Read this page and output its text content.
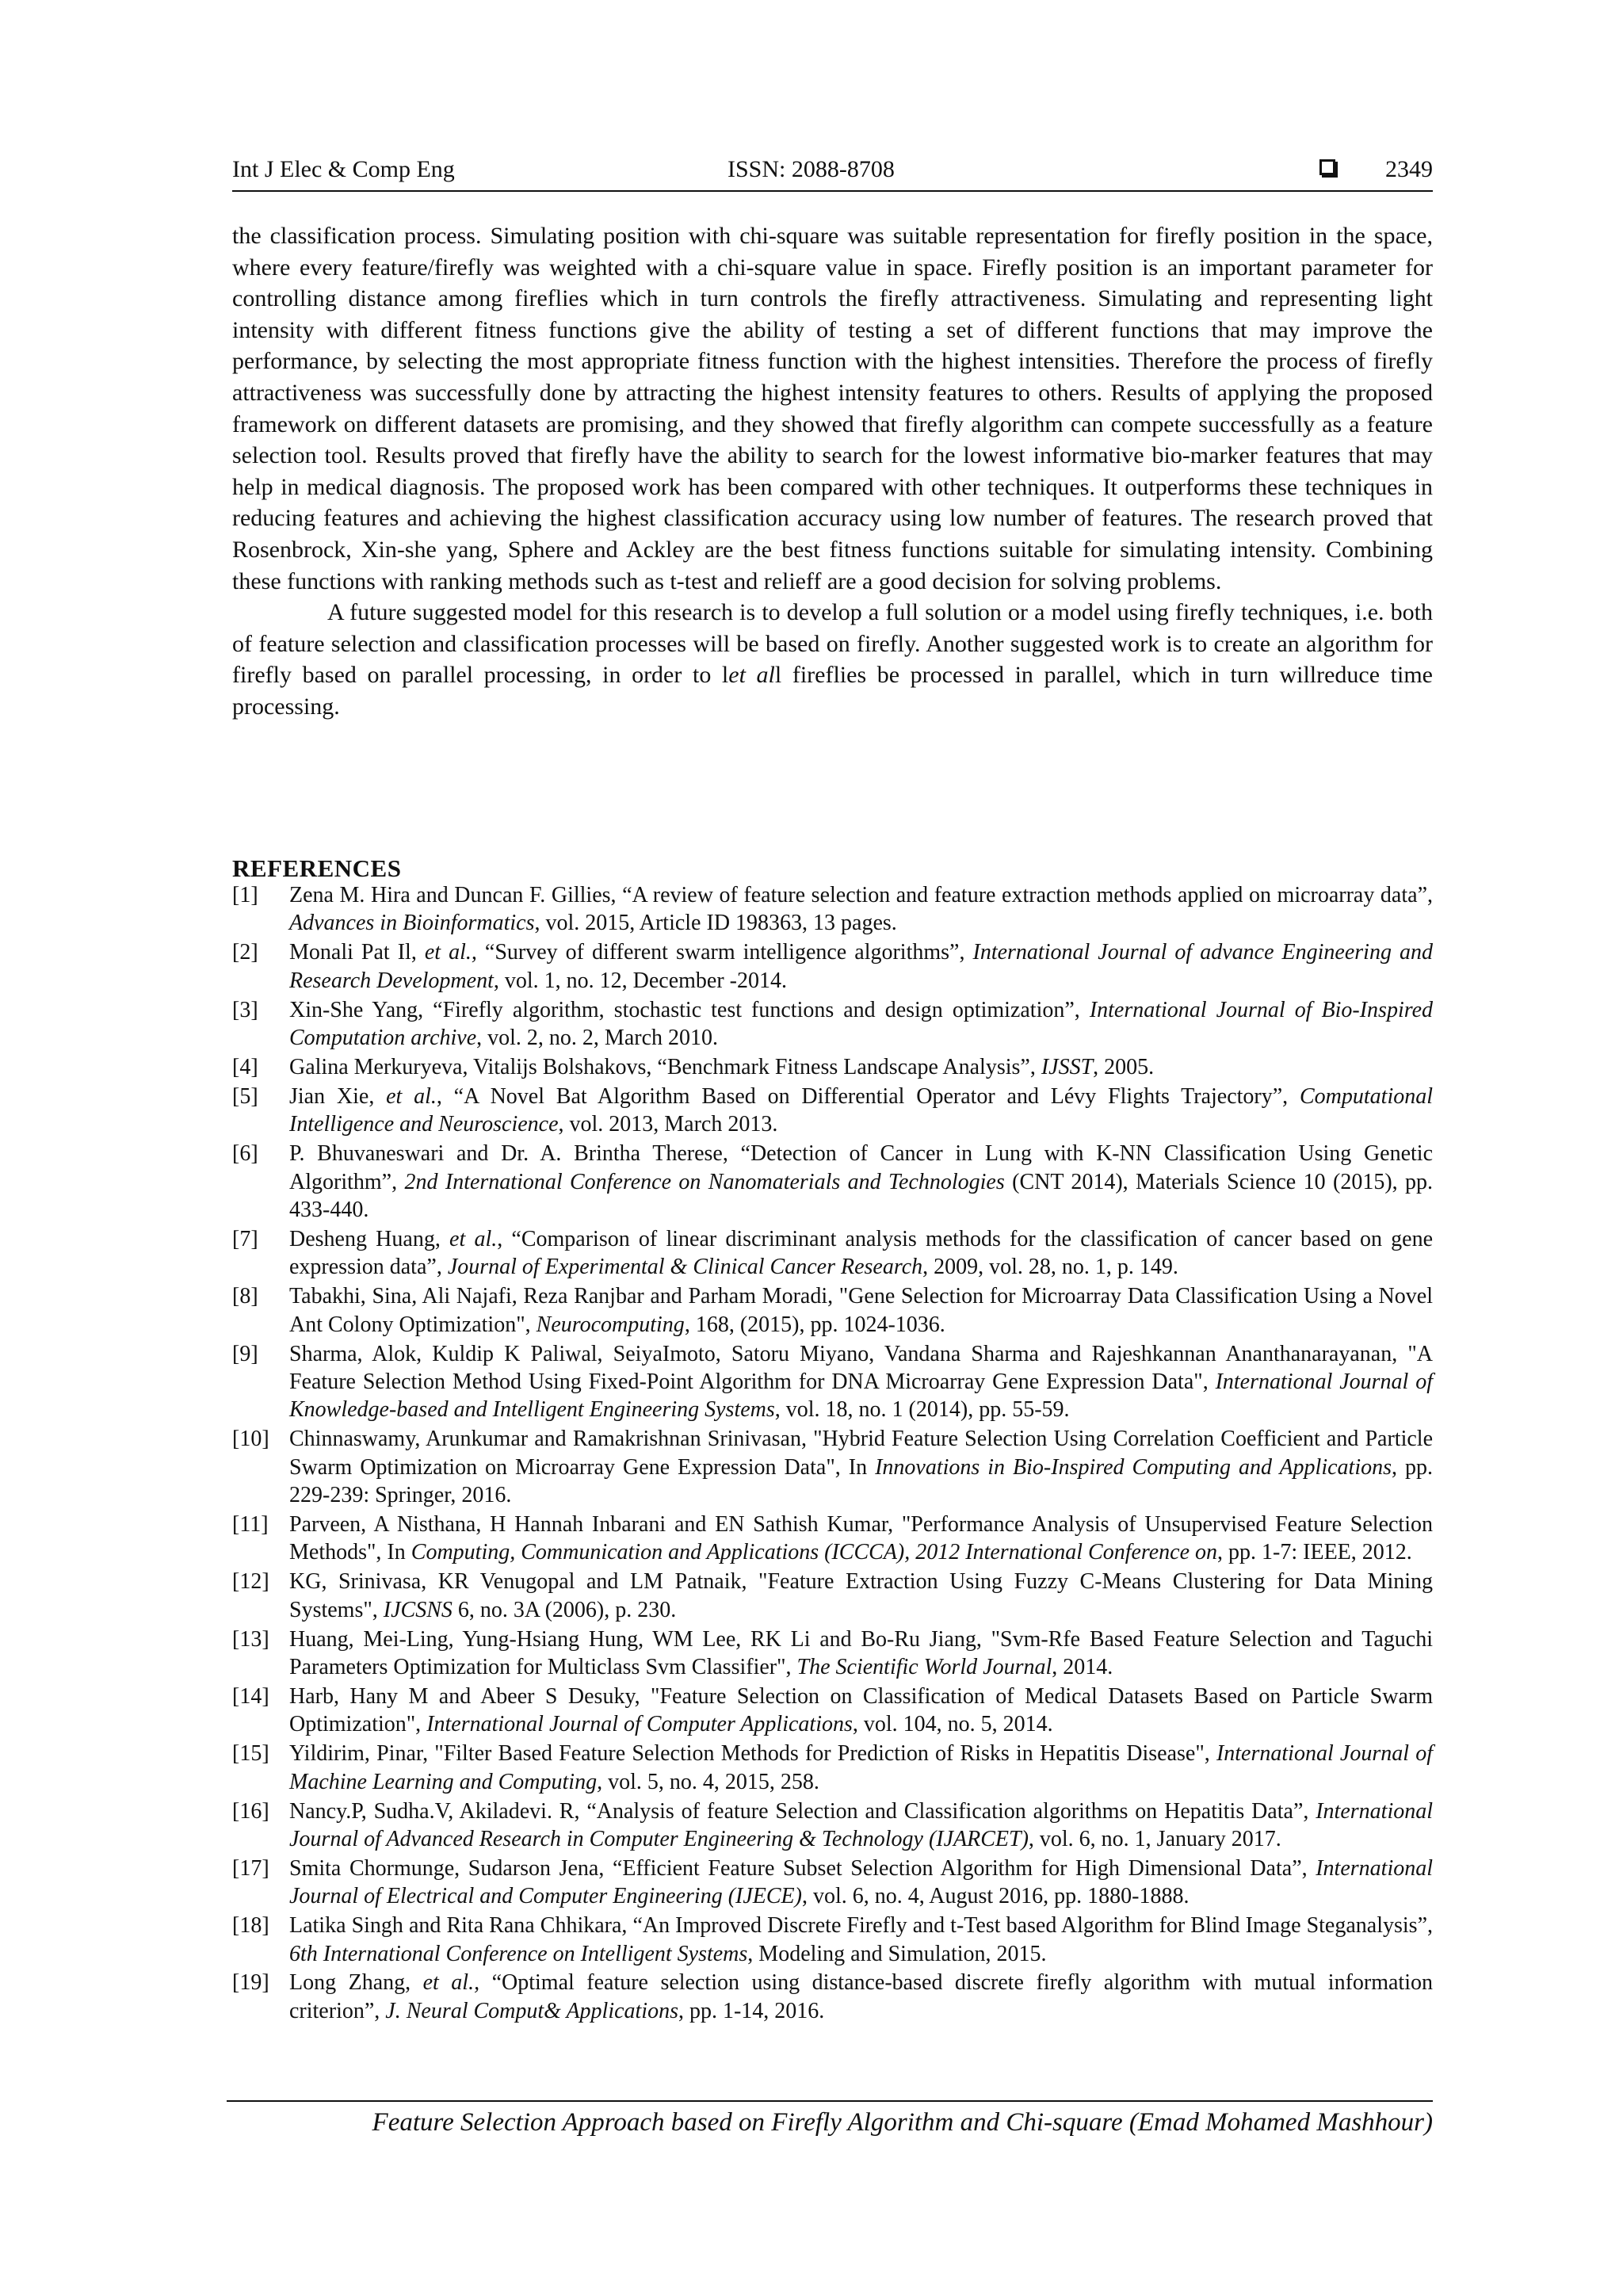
Int J Elec & Comp Eng	ISSN: 2088-8708	2349

the classification process. Simulating position with chi-square was suitable representation for firefly position in the space, where every feature/firefly was weighted with a chi-square value in space. Firefly position is an important parameter for controlling distance among fireflies which in turn controls the firefly attractiveness. Simulating and representing light intensity with different fitness functions give the ability of testing a set of different functions that may improve the performance, by selecting the most appropriate fitness function with the highest intensities. Therefore the process of firefly attractiveness was successfully done by attracting the highest intensity features to others. Results of applying the proposed framework on different datasets are promising, and they showed that firefly algorithm can compete successfully as a feature selection tool. Results proved that firefly have the ability to search for the lowest informative bio-marker features that may help in medical diagnosis. The proposed work has been compared with other techniques. It outperforms these techniques in reducing features and achieving the highest classification accuracy using low number of features. The research proved that Rosenbrock, Xin-she yang, Sphere and Ackley are the best fitness functions suitable for simulating intensity. Combining these functions with ranking methods such as t-test and relieff are a good decision for solving problems.

A future suggested model for this research is to develop a full solution or a model using firefly techniques, i.e. both of feature selection and classification processes will be based on firefly. Another suggested work is to create an algorithm for firefly based on parallel processing, in order to let all fireflies be processed in parallel, which in turn willreduce time processing.

REFERENCES
[1] Zena M. Hira and Duncan F. Gillies, “A review of feature selection and feature extraction methods applied on microarray data”, Advances in Bioinformatics, vol. 2015, Article ID 198363, 13 pages.
[2] Monali Pat Il, et al., “Survey of different swarm intelligence algorithms”, International Journal of advance Engineering and Research Development, vol. 1, no. 12, December -2014.
[3] Xin-She Yang, “Firefly algorithm, stochastic test functions and design optimization”, International Journal of Bio-Inspired Computation archive, vol. 2, no. 2, March 2010.
[4] Galina Merkuryeva, Vitalijs Bolshakovs, “Benchmark Fitness Landscape Analysis”, IJSST, 2005.
[5] Jian Xie, et al., “A Novel Bat Algorithm Based on Differential Operator and Lévy Flights Trajectory”, Computational Intelligence and Neuroscience, vol. 2013, March 2013.
[6] P. Bhuvaneswari and Dr. A. Brintha Therese, “Detection of Cancer in Lung with K-NN Classification Using Genetic Algorithm”, 2nd International Conference on Nanomaterials and Technologies (CNT 2014), Materials Science 10 (2015), pp. 433-440.
[7] Desheng Huang, et al., “Comparison of linear discriminant analysis methods for the classification of cancer based on gene expression data”, Journal of Experimental & Clinical Cancer Research, 2009, vol. 28, no. 1, p. 149.
[8] Tabakhi, Sina, Ali Najafi, Reza Ranjbar and Parham Moradi, "Gene Selection for Microarray Data Classification Using a Novel Ant Colony Optimization", Neurocomputing, 168, (2015), pp. 1024-1036.
[9] Sharma, Alok, Kuldip K Paliwal, SeiyaImoto, Satoru Miyano, Vandana Sharma and Rajeshkannan Ananthanarayanan, "A Feature Selection Method Using Fixed-Point Algorithm for DNA Microarray Gene Expression Data", International Journal of Knowledge-based and Intelligent Engineering Systems, vol. 18, no. 1 (2014), pp. 55-59.
[10] Chinnaswamy, Arunkumar and Ramakrishnan Srinivasan, "Hybrid Feature Selection Using Correlation Coefficient and Particle Swarm Optimization on Microarray Gene Expression Data", In Innovations in Bio-Inspired Computing and Applications, pp. 229-239: Springer, 2016.
[11] Parveen, A Nisthana, H Hannah Inbarani and EN Sathish Kumar, "Performance Analysis of Unsupervised Feature Selection Methods", In Computing, Communication and Applications (ICCCA), 2012 International Conference on, pp. 1-7: IEEE, 2012.
[12] KG, Srinivasa, KR Venugopal and LM Patnaik, "Feature Extraction Using Fuzzy C-Means Clustering for Data Mining Systems", IJCSNS 6, no. 3A (2006), p. 230.
[13] Huang, Mei-Ling, Yung-Hsiang Hung, WM Lee, RK Li and Bo-Ru Jiang, "Svm-Rfe Based Feature Selection and Taguchi Parameters Optimization for Multiclass Svm Classifier", The Scientific World Journal, 2014.
[14] Harb, Hany M and Abeer S Desuky, "Feature Selection on Classification of Medical Datasets Based on Particle Swarm Optimization", International Journal of Computer Applications, vol. 104, no. 5, 2014.
[15] Yildirim, Pinar, "Filter Based Feature Selection Methods for Prediction of Risks in Hepatitis Disease", International Journal of Machine Learning and Computing, vol. 5, no. 4, 2015, 258.
[16] Nancy.P, Sudha.V, Akiladevi. R, “Analysis of feature Selection and Classification algorithms on Hepatitis Data”, International Journal of Advanced Research in Computer Engineering & Technology (IJARCET), vol. 6, no. 1, January 2017.
[17] Smita Chormunge, Sudarson Jena, “Efficient Feature Subset Selection Algorithm for High Dimensional Data”, International Journal of Electrical and Computer Engineering (IJECE), vol. 6, no. 4, August 2016, pp. 1880-1888.
[18] Latika Singh and Rita Rana Chhikara, “An Improved Discrete Firefly and t-Test based Algorithm for Blind Image Steganalysis”, 6th International Conference on Intelligent Systems, Modeling and Simulation, 2015.
[19] Long Zhang, et al., “Optimal feature selection using distance-based discrete firefly algorithm with mutual information criterion”, J. Neural Comput& Applications, pp. 1-14, 2016.
Feature Selection Approach based on Firefly Algorithm and Chi-square (Emad Mohamed Mashhour)
